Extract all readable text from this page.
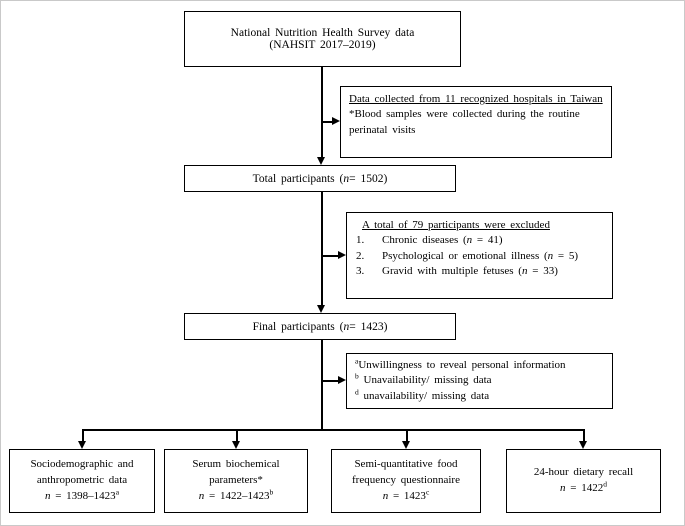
National Nutrition Health Survey data
(NAHSIT 2017–2019)
Data collected from 11 recognized hospitals in Taiwan
*Blood samples were collected during the routine perinatal visits
Total participants ( n = 1502)
A total of 79 participants were excluded
1.	Chronic diseases (n = 41)
2.	Psychological or emotional illness (n = 5)
3.	Gravid with multiple fetuses (n = 33)
Final participants ( n = 1423)
$^a$Unwillingness to reveal personal information
$^b$ Unavailability/ missing data
$^d$ unavailability/ missing data
Sociodemographic and
anthropometric data
$n = 1398-1423^a$
Serum biochemical
parameters*
$n = 1422-1423^b$
Semi-quantitative food
frequency questionnaire
$n = 1423^c$
24-hour dietary recall
$n = 1422^d$
